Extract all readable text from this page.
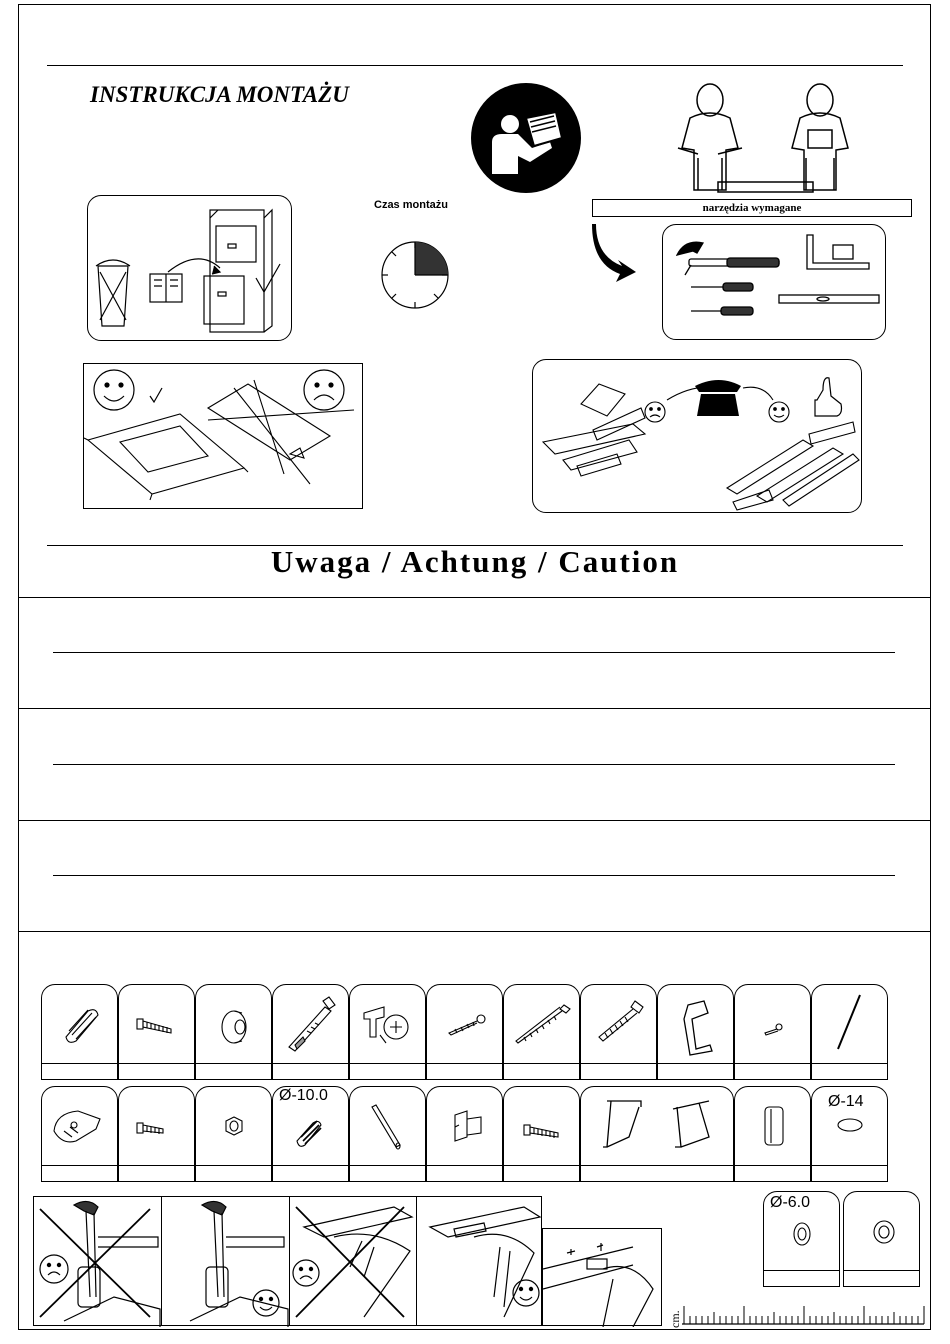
INSTRUKCJA MONTAŻU
Czas montażu	narzędzia wymagane
Uwaga / Achtung / Caution
Ø-10.0	Ø-14
Ø-6.0
cm.
